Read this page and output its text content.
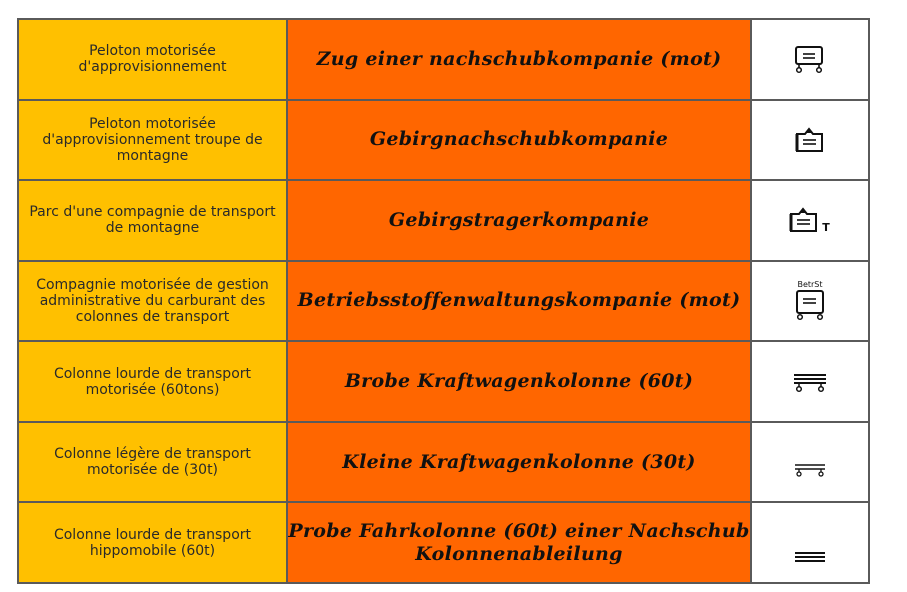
Peloton motorisée d'approvisionnement	Zug einer nachschubkompanie (mot)	

Peloton motorisée d'approvisionnement troupe de montagne	Gebirgnachschubkompanie	

Parc d'une compagnie de transport de montagne	Gebirgstragerkompanie	T

Compagnie motorisée de gestion administrative du carburant des colonnes de transport	Betriebsstoffenwaltungskompanie (mot)	BetrSt

Colonne lourde de transport motorisée (60tons)	Brobe Kraftwagenkolonne (60t)	

Colonne légère de transport motorisée de (30t)	Kleine Kraftwagenkolonne (30t)	

Colonne lourde de transport hippomobile (60t)	Probe Fahrkolonne (60t) einer Nachschub Kolonnenableilung	
